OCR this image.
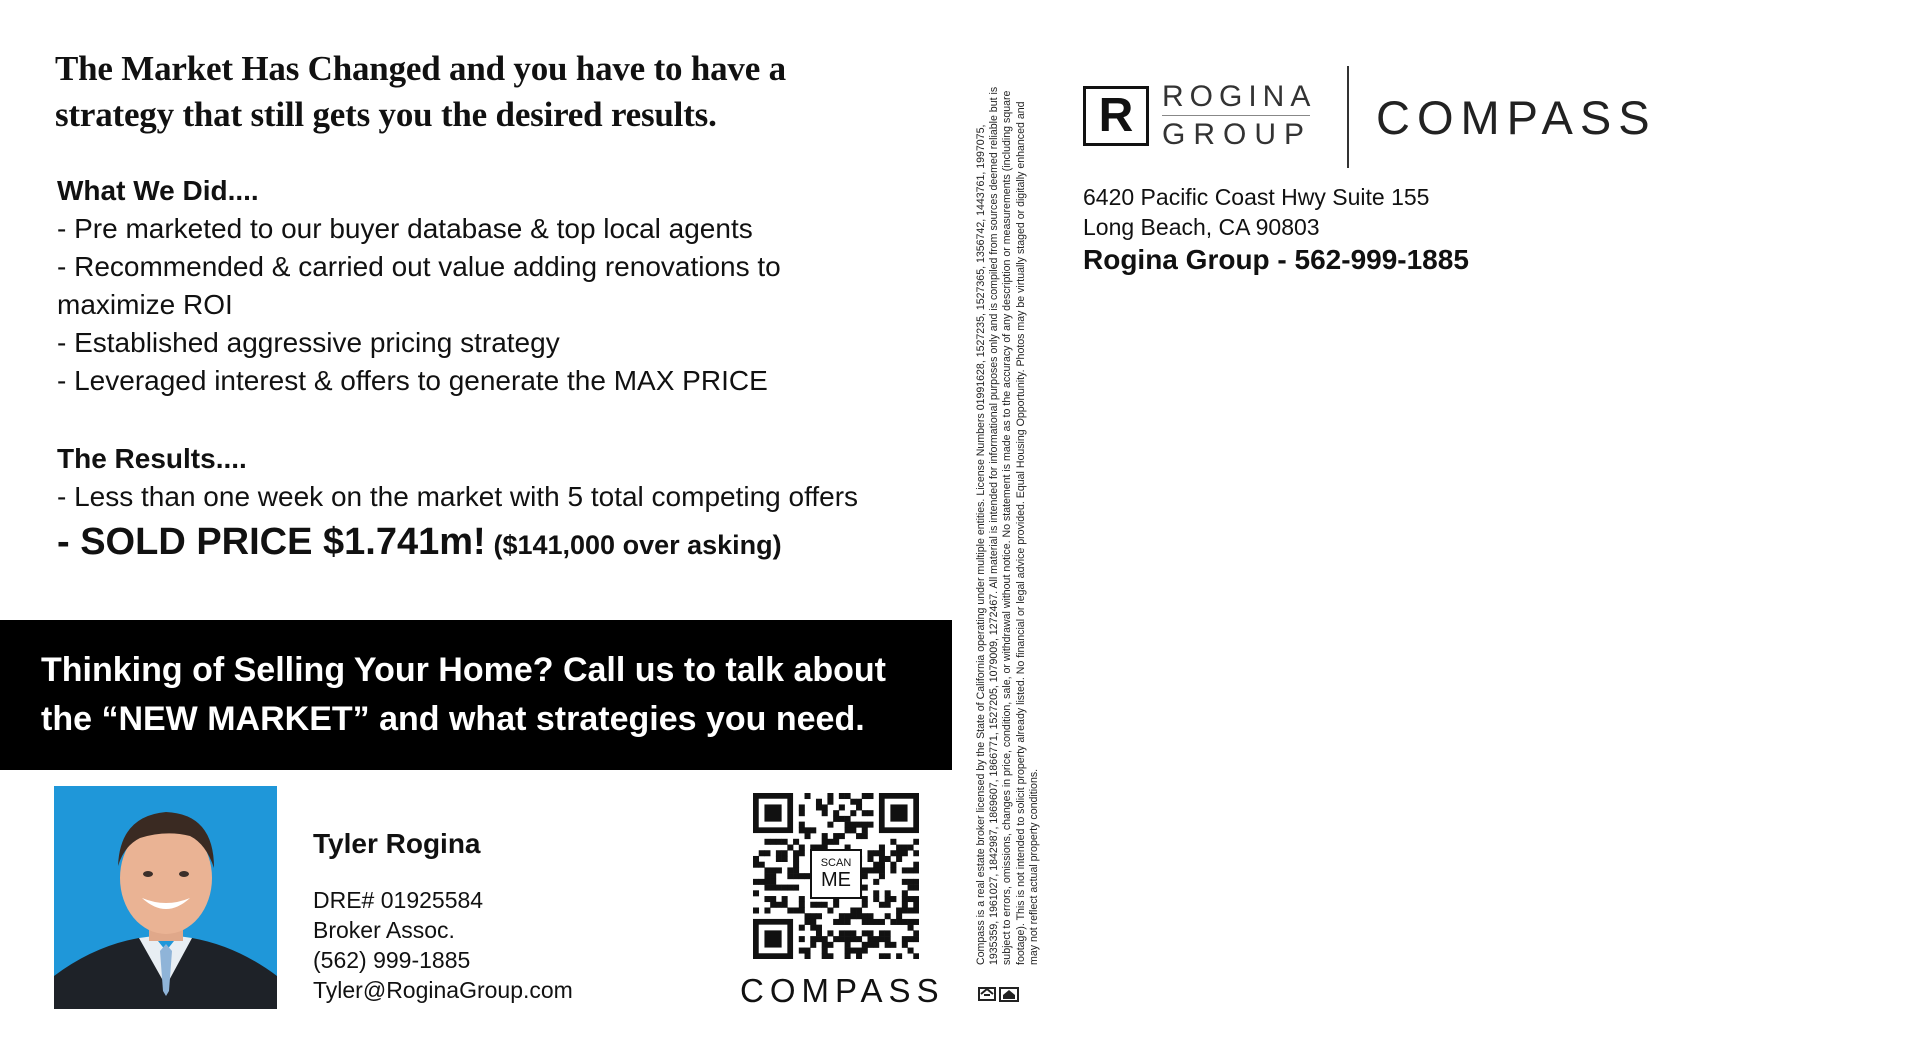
The Market Has Changed and you have to have a
strategy that still gets you the desired results.
What We Did....
- Pre marketed to our buyer database & top local agents
- Recommended & carried out value adding renovations to maximize ROI
- Established aggressive pricing strategy
- Leveraged interest & offers to generate the MAX PRICE
The Results....
- Less than one week on the market with 5 total competing offers
- SOLD PRICE $1.741m! ($141,000 over asking)
Thinking of Selling Your Home? Call us to talk about
the “NEW MARKET” and what strategies you need.
Tyler Rogina
DRE# 01925584
Broker Assoc.
(562) 999-1885
Tyler@RoginaGroup.com
SCAN
ME
COMPASS
Compass is a real estate broker licensed by the State of California operating under multiple entities. License Numbers 01991628, 1527235, 1527365, 1356742, 1443761, 1997075, 1935359, 1961027, 1842987, 1869607, 1866771, 1527205, 1079009, 1272467. All material is intended for informational purposes only and is compiled from sources deemed reliable but is subject to errors, omissions, changes in price, condition, sale, or withdrawal without notice. No statement is made as to the accuracy of any description or measurements (including square footage). This is not intended to solicit property already listed. No financial or legal advice provided. Equal Housing Opportunity. Photos may be virtually staged or digitally enhanced and may not reflect actual property conditions.
R ROGINA
GROUP COMPASS
6420 Pacific Coast Hwy Suite 155
Long Beach, CA 90803
Rogina Group - 562-999-1885
